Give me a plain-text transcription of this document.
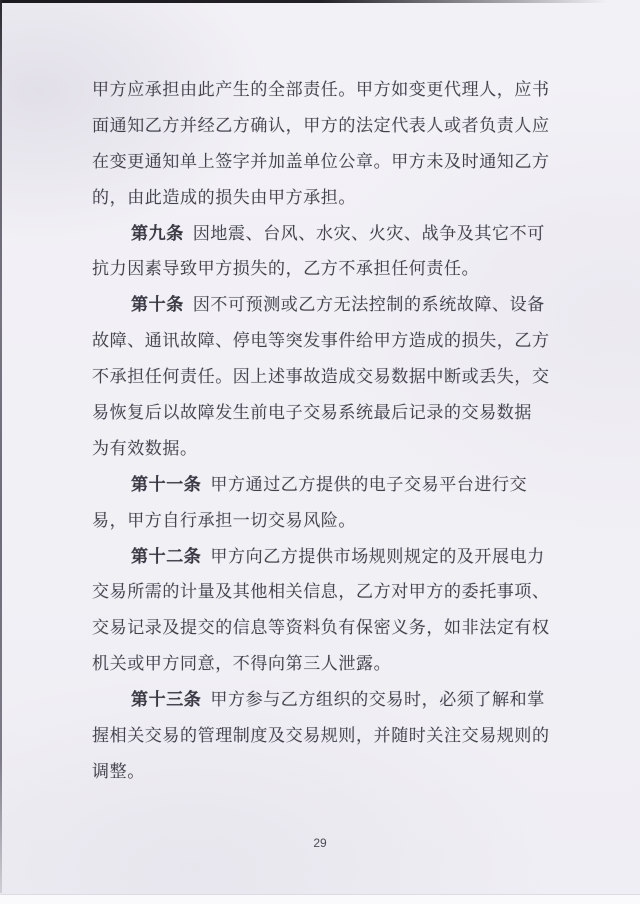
甲方应承担由此产生的全部责任。甲方如变更代理人，应书
面通知乙方并经乙方确认，甲方的法定代表人或者负责人应
在变更通知单上签字并加盖单位公章。甲方未及时通知乙方
的，由此造成的损失由甲方承担。
第九条 因地震、台风、水灾、火灾、战争及其它不可
抗力因素导致甲方损失的，乙方不承担任何责任。
第十条 因不可预测或乙方无法控制的系统故障、设备
故障、通讯故障、停电等突发事件给甲方造成的损失，乙方
不承担任何责任。因上述事故造成交易数据中断或丢失，交
易恢复后以故障发生前电子交易系统最后记录的交易数据
为有效数据。
第十一条 甲方通过乙方提供的电子交易平台进行交
易，甲方自行承担一切交易风险。
第十二条 甲方向乙方提供市场规则规定的及开展电力
交易所需的计量及其他相关信息，乙方对甲方的委托事项、
交易记录及提交的信息等资料负有保密义务，如非法定有权
机关或甲方同意，不得向第三人泄露。
第十三条 甲方参与乙方组织的交易时，必须了解和掌
握相关交易的管理制度及交易规则，并随时关注交易规则的
调整。
29
